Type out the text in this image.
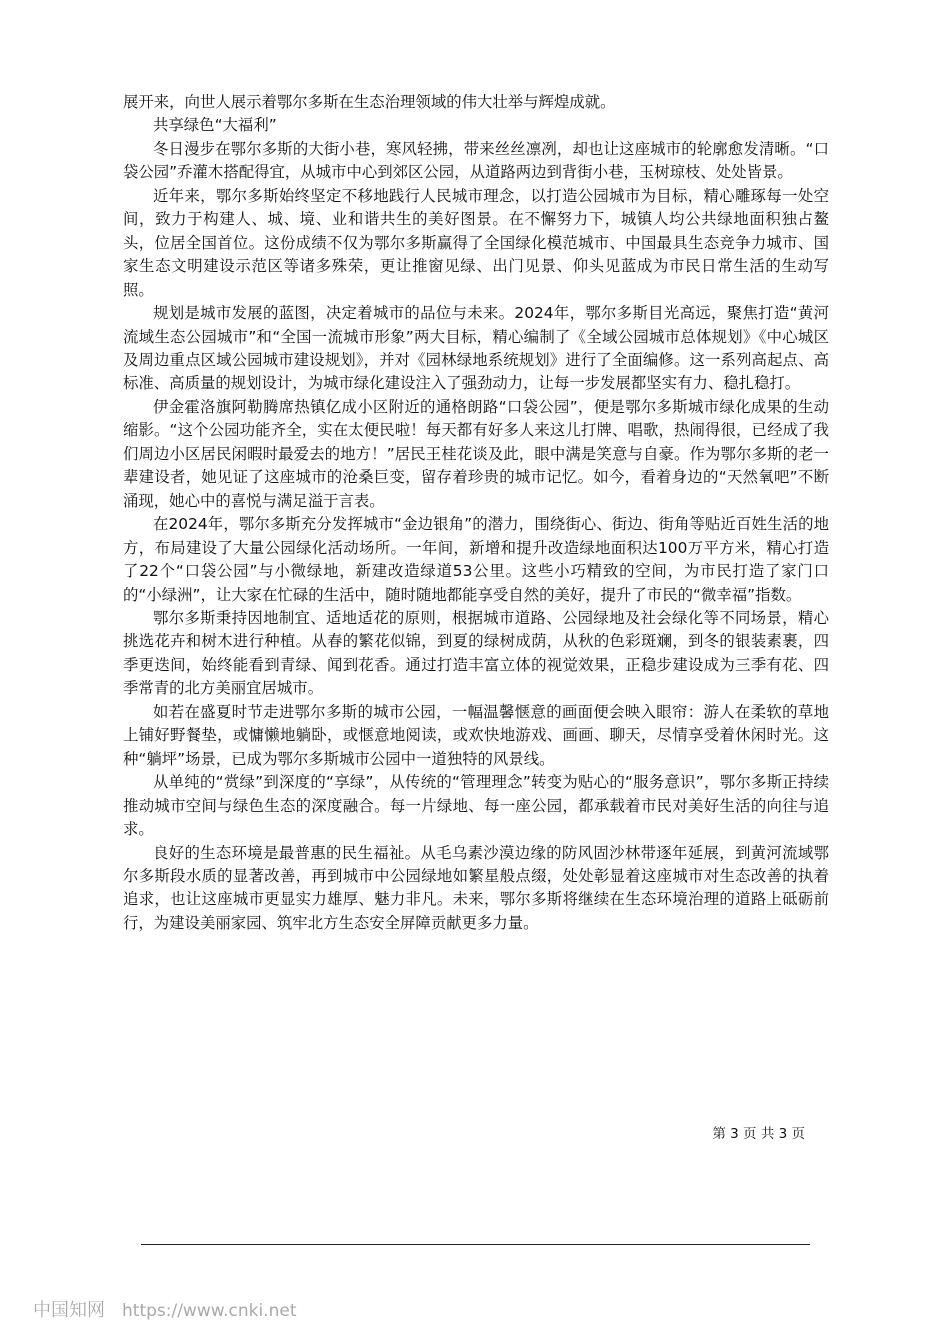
展开来，向世人展示着鄂尔多斯在生态治理领域的伟大壮举与辉煌成就。

共享绿色“大福利”

冬日漫步在鄂尔多斯的大街小巷，寒风轻拂，带来丝丝凛冽，却也让这座城市的轮廓愈发清晰。“口袋公园”乔灌木搭配得宜，从城市中心到郊区公园，从道路两边到背街小巷，玉树琼枝、处处皆景。

近年来，鄂尔多斯始终坚定不移地践行人民城市理念，以打造公园城市为目标，精心雕琢每一处空间，致力于构建人、城、境、业和谐共生的美好图景。在不懈努力下，城镇人均公共绿地面积独占鳌头，位居全国首位。这份成绩不仅为鄂尔多斯赢得了全国绿化模范城市、中国最具生态竞争力城市、国家生态文明建设示范区等诸多殊荣，更让推窗见绿、出门见景、仰头见蓝成为市民日常生活的生动写照。

规划是城市发展的蓝图，决定着城市的品位与未来。2024年，鄂尔多斯目光高远，聚焦打造“黄河流域生态公园城市”和“全国一流城市形象”两大目标，精心编制了《全域公园城市总体规划》《中心城区及周边重点区域公园城市建设规划》，并对《园林绿地系统规划》进行了全面编修。这一系列高起点、高标准、高质量的规划设计，为城市绿化建设注入了强劲动力，让每一步发展都坚实有力、稳扎稳打。

伊金霍洛旗阿勒腾席热镇亿成小区附近的通格朗路“口袋公园”，便是鄂尔多斯城市绿化成果的生动缩影。“这个公园功能齐全，实在太便民啦！每天都有好多人来这儿打牌、唱歌，热闹得很，已经成了我们周边小区居民闲暇时最爱去的地方！”居民王桂花谈及此，眼中满是笑意与自豪。作为鄂尔多斯的老一辈建设者，她见证了这座城市的沧桑巨变，留存着珍贵的城市记忆。如今，看着身边的“天然氧吧”不断涌现，她心中的喜悦与满足溢于言表。

在2024年，鄂尔多斯充分发挥城市“金边银角”的潜力，围绕街心、街边、街角等贴近百姓生活的地方，布局建设了大量公园绿化活动场所。一年间，新增和提升改造绿地面积达100万平方米，精心打造了22个“口袋公园”与小微绿地，新建改造绿道53公里。这些小巧精致的空间，为市民打造了家门口的“小绿洲”，让大家在忙碌的生活中，随时随地都能享受自然的美好，提升了市民的“微幸福”指数。

鄂尔多斯秉持因地制宜、适地适花的原则，根据城市道路、公园绿地及社会绿化等不同场景，精心挑选花卉和树木进行种植。从春的繁花似锦，到夏的绿树成荫，从秋的色彩斑斓，到冬的银装素裹，四季更迭间，始终能看到青绿、闻到花香。通过打造丰富立体的视觉效果，正稳步建设成为三季有花、四季常青的北方美丽宜居城市。

如若在盛夏时节走进鄂尔多斯的城市公园，一幅温馨惬意的画面便会映入眼帘：游人在柔软的草地上铺好野餐垫，或慵懒地躺卧，或惬意地阅读，或欢快地游戏、画画、聊天，尽情享受着休闲时光。这种“躺坪”场景，已成为鄂尔多斯城市公园中一道独特的风景线。

从单纯的“赏绿”到深度的“享绿”，从传统的“管理理念”转变为贴心的“服务意识”，鄂尔多斯正持续推动城市空间与绿色生态的深度融合。每一片绿地、每一座公园，都承载着市民对美好生活的向往与追求。

良好的生态环境是最普惠的民生福祉。从毛乌素沙漠边缘的防风固沙林带逐年延展，到黄河流域鄂尔多斯段水质的显著改善，再到城市中公园绿地如繁星般点缀，处处彰显着这座城市对生态改善的执着追求，也让这座城市更显实力雄厚、魅力非凡。未来，鄂尔多斯将继续在生态环境治理的道路上砥砺前行，为建设美丽家园、筑牢北方生态安全屏障贡献更多力量。

第 3 页 共 3 页
中国知网 https://www.cnki.net
